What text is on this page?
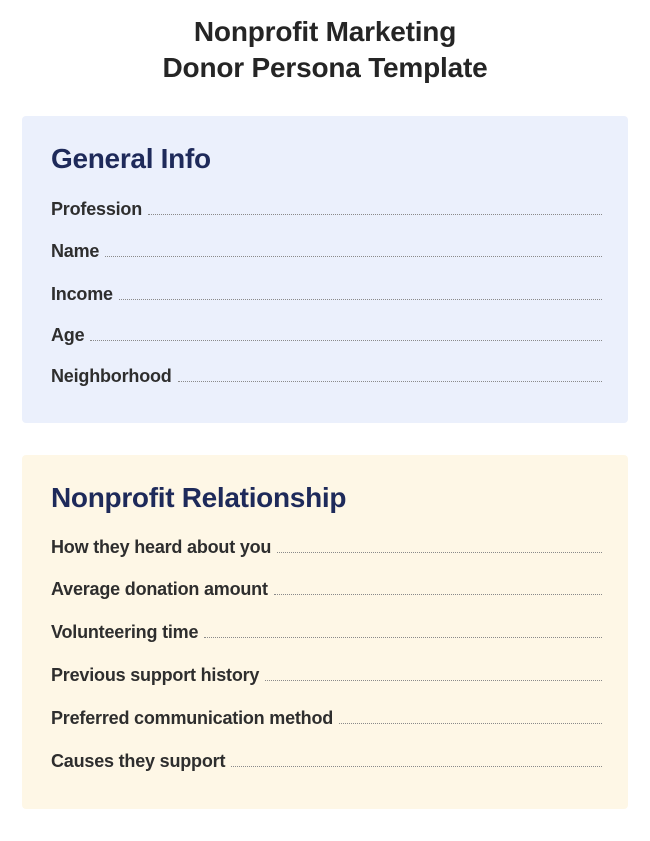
Nonprofit Marketing
Donor Persona Template
General Info
Profession
Name
Income
Age
Neighborhood
Nonprofit Relationship
How they heard about you
Average donation amount
Volunteering time
Previous support history
Preferred communication method
Causes they support
